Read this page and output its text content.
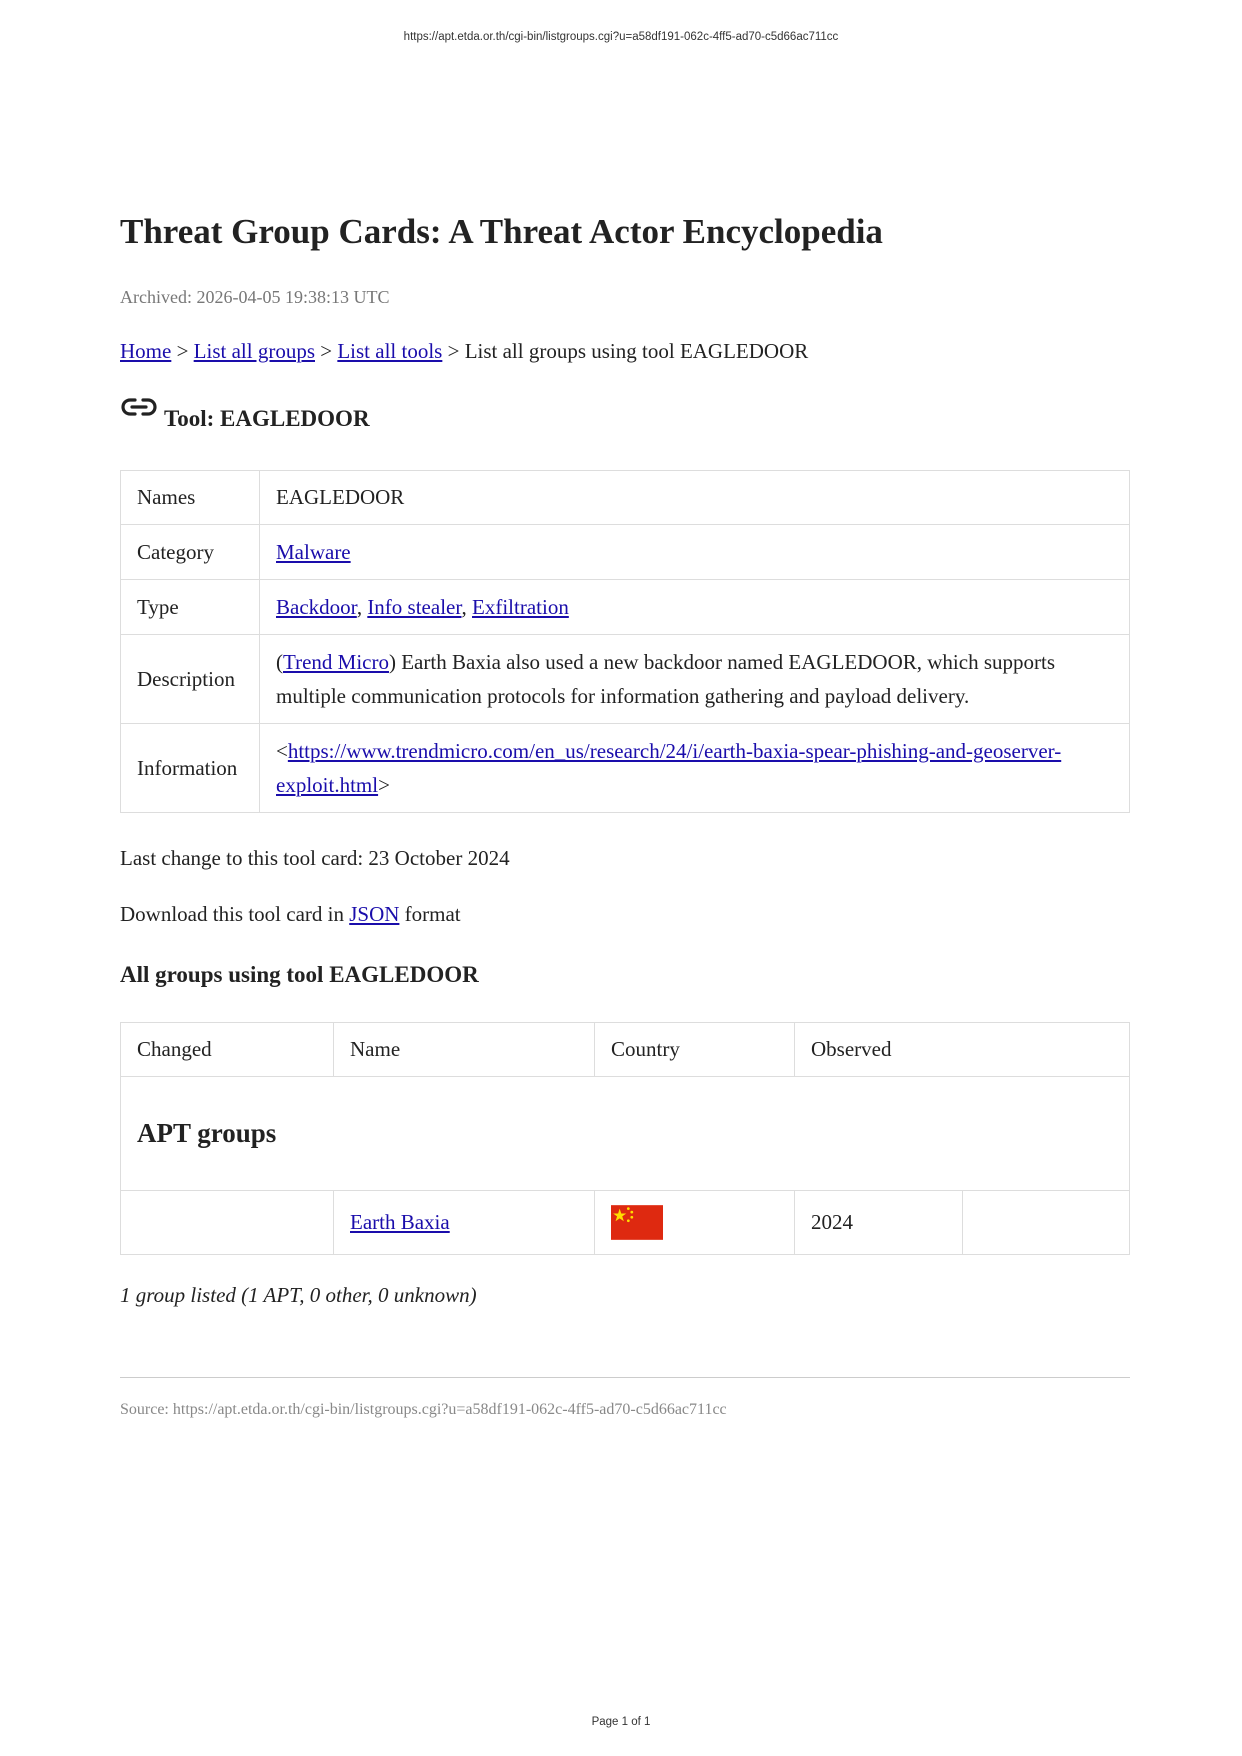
https://apt.etda.or.th/cgi-bin/listgroups.cgi?u=a58df191-062c-4ff5-ad70-c5d66ac711cc
Threat Group Cards: A Threat Actor Encyclopedia
Archived: 2026-04-05 19:38:13 UTC
Home > List all groups > List all tools > List all groups using tool EAGLEDOOR
Tool: EAGLEDOOR
Names	EAGLEDOOR
Category	Malware
Type	Backdoor, Info stealer, Exfiltration
Description	(Trend Micro) Earth Baxia also used a new backdoor named EAGLEDOOR, which supports multiple communication protocols for information gathering and payload delivery.
Information	<https://www.trendmicro.com/en_us/research/24/i/earth-baxia-spear-phishing-and-geoserver-exploit.html>
Last change to this tool card: 23 October 2024
Download this tool card in JSON format
All groups using tool EAGLEDOOR
Changed	Name	Country	Observed	
APT groups				
	Earth Baxia		2024	
1 group listed (1 APT, 0 other, 0 unknown)
Source: https://apt.etda.or.th/cgi-bin/listgroups.cgi?u=a58df191-062c-4ff5-ad70-c5d66ac711cc
Page 1 of 1
